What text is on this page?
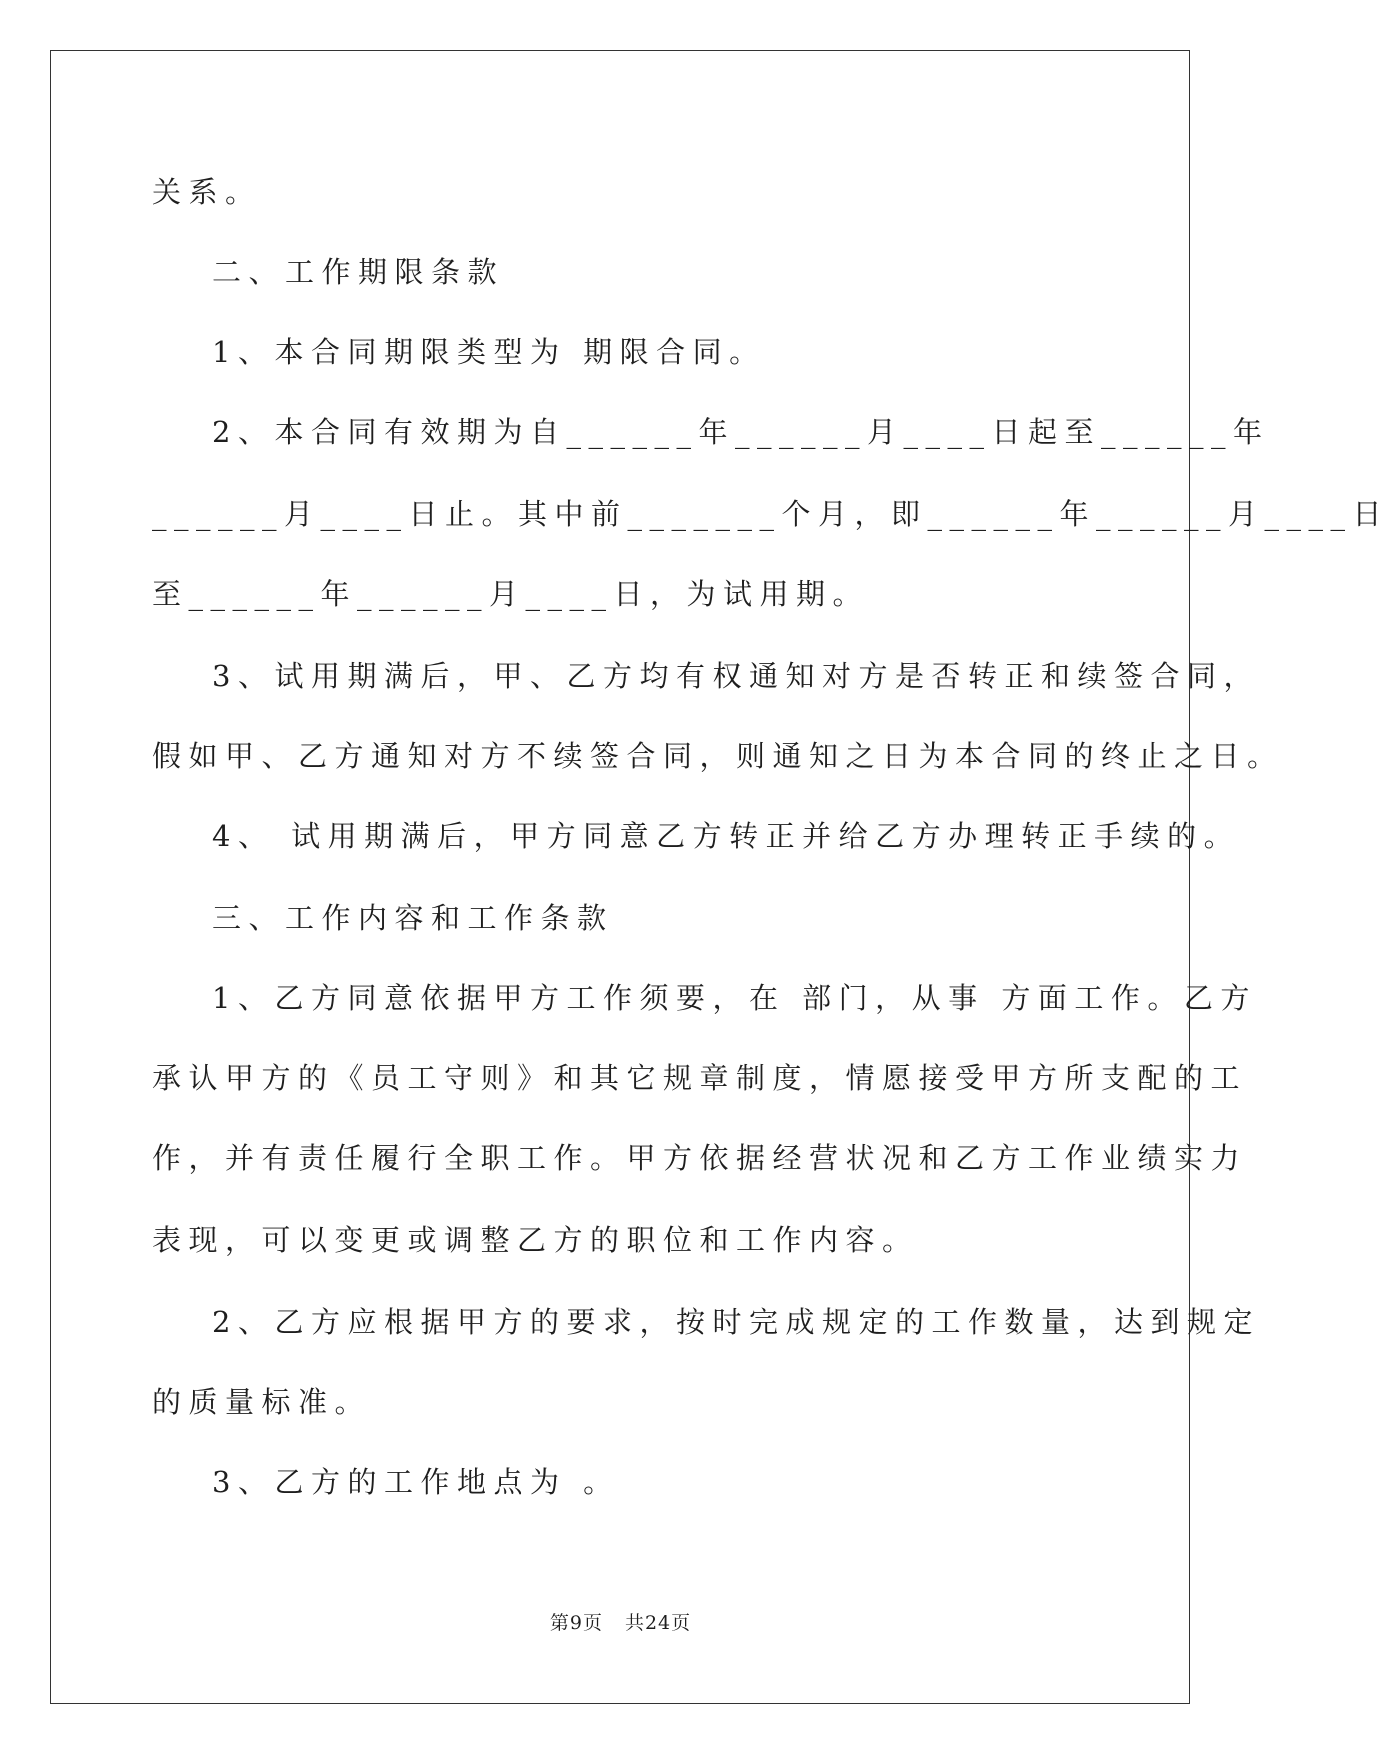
关系。

二、工作期限条款

1、本合同期限类型为 期限合同。

2、本合同有效期为自______年______月____日起至______年

______月____日止。其中前_______个月，即______年______月____日

至______年______月____日，为试用期。

3、试用期满后，甲、乙方均有权通知对方是否转正和续签合同，

假如甲、乙方通知对方不续签合同，则通知之日为本合同的终止之日。

4、 试用期满后，甲方同意乙方转正并给乙方办理转正手续的。

三、工作内容和工作条款

1、乙方同意依据甲方工作须要，在 部门，从事 方面工作。乙方

承认甲方的《员工守则》和其它规章制度，情愿接受甲方所支配的工

作，并有责任履行全职工作。甲方依据经营状况和乙方工作业绩实力

表现，可以变更或调整乙方的职位和工作内容。

2、乙方应根据甲方的要求，按时完成规定的工作数量，达到规定

的质量标准。

3、乙方的工作地点为 。

第9页 共24页
